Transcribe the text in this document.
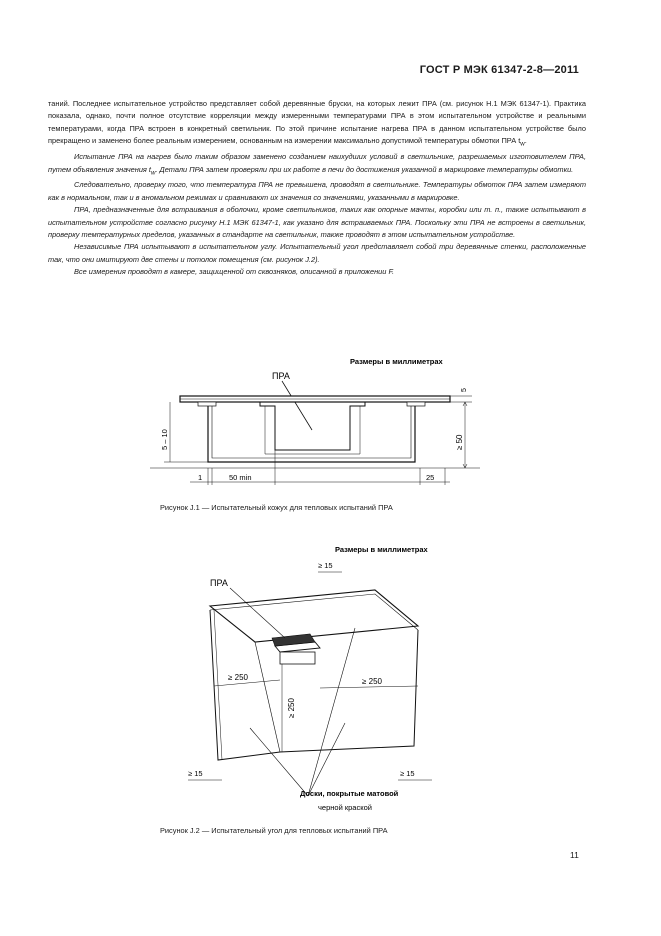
ГОСТ Р МЭК 61347-2-8—2011

таний. Последнее испытательное устройство представляет собой деревянные бруски, на которых лежит ПРА (см. рисунок Н.1 МЭК 61347-1). Практика показала, однако, почти полное отсутствие корреляции между измеренными температурами ПРА в этом испытательном устройстве и реальными температурами, когда ПРА встроен в конкретный светильник. По этой причине испытание нагрева ПРА в данном испытательном устройстве было прекращено и заменено более реальным измерением, основанным на измерении максимально допустимой температуры обмотки ПРА $t_w$.

Испытание ПРА на нагрев было таким образом заменено созданием наихудших условий в светильнике, разрешаемых изготовителем ПРА, путем объявления значения $t_w$. Детали ПРА затем проверяли при их работе в печи до достижения указанной в маркировке температуры обмотки.

Следовательно, проверку того, что температура ПРА не превышена, проводят в светильнике. Температуры обмоток ПРА затем измеряют как в нормальном, так и в аномальном режимах и сравнивают их значения со значениями, указанными в маркировке.

ПРА, предназначенные для встраивания в оболочки, кроме светильников, таких как опорные мачты, коробки или т. п., также испытывают в испытательном устройстве согласно рисунку Н.1 МЭК 61347-1, как указано для встраиваемых ПРА. Поскольку эти ПРА не встроены в светильник, проверку температурных пределов, указанных в стандарте на светильник, также проводят в этом испытательном устройстве.

Независимые ПРА испытывают в испытательном углу. Испытательный угол представляет собой три деревянные стенки, расположенные так, что они имитируют две стены и потолок помещения (см. рисунок J.2).

Все измерения проводят в камере, защищенной от сквозняков, описанной в приложении F.

Размеры в миллиметрах
ПРА
5
≥ 50
5 – 10
1	50 min	25
Рисунок J.1 — Испытательный кожух для тепловых испытаний ПРА
Размеры в миллиметрах
≥ 15
ПРА
≥ 250	≥ 250
≥ 250
≥ 15	≥ 15
Доски, покрытые матовой
черной краской
Рисунок J.2 — Испытательный угол для тепловых испытаний ПРА
11
